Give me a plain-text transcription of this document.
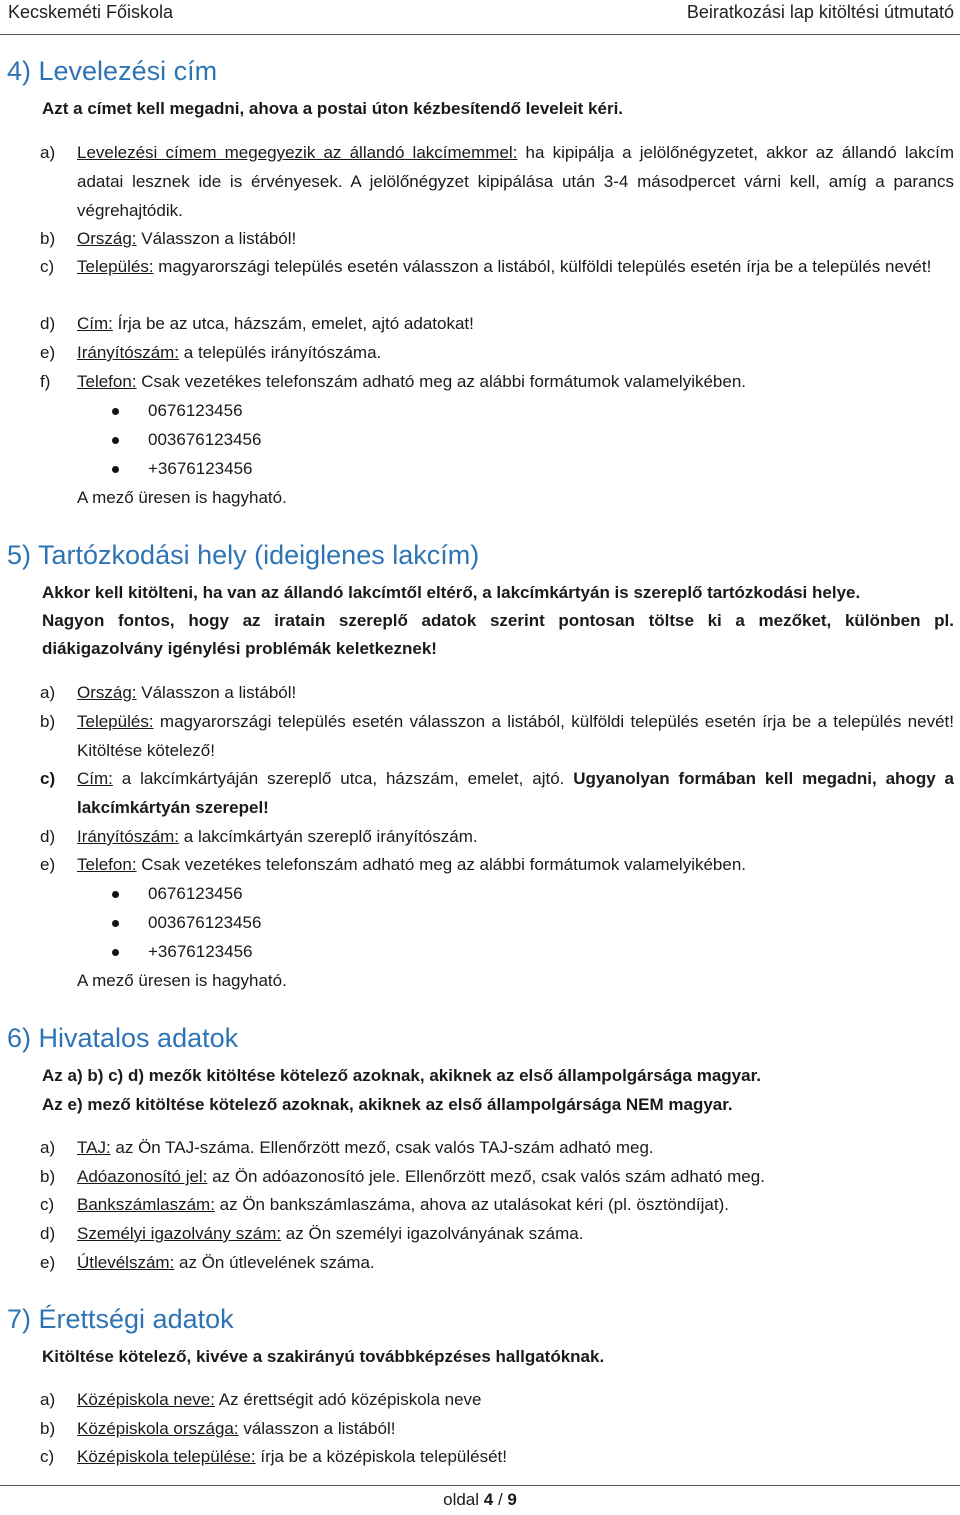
Kecskeméti Főiskola	Beiratkozási lap kitöltési útmutató
4) Levelezési cím
Azt a címet kell megadni, ahova a postai úton kézbesítendő leveleit kéri.
a) Levelezési címem megegyezik az állandó lakcímemmel: ha kipipálja a jelölőnégyzetet, akkor az állandó lakcím adatai lesznek ide is érvényesek. A jelölőnégyzet kipipálása után 3-4 másodpercet várni kell, amíg a parancs végrehajtódik.
b) Ország: Válasszon a listából!
c) Település: magyarországi település esetén válasszon a listából, külföldi település esetén írja be a település nevét!
d) Cím: Írja be az utca, házszám, emelet, ajtó adatokat!
e) Irányítószám: a település irányítószáma.
f) Telefon: Csak vezetékes telefonszám adható meg az alábbi formátumok valamelyikében.
0676123456
003676123456
+3676123456
A mező üresen is hagyható.
5) Tartózkodási hely (ideiglenes lakcím)
Akkor kell kitölteni, ha van az állandó lakcímtől eltérő, a lakcímkártyán is szereplő tartózkodási helye.
Nagyon fontos, hogy az iratain szereplő adatok szerint pontosan töltse ki a mezőket, különben pl.
diákigazolvány igénylési problémák keletkeznek!
a) Ország: Válasszon a listából!
b) Település: magyarországi település esetén válasszon a listából, külföldi település esetén írja be a település nevét! Kitöltése kötelező!
c) Cím: a lakcímkártyáján szereplő utca, házszám, emelet, ajtó. Ugyanolyan formában kell megadni, ahogy a lakcímkártyán szerepel!
d) Irányítószám: a lakcímkártyán szereplő irányítószám.
e) Telefon: Csak vezetékes telefonszám adható meg az alábbi formátumok valamelyikében.
0676123456
003676123456
+3676123456
A mező üresen is hagyható.
6) Hivatalos adatok
Az a) b) c) d) mezők kitöltése kötelező azoknak, akiknek az első állampolgársága magyar.
Az e) mező kitöltése kötelező azoknak, akiknek az első állampolgársága NEM magyar.
a) TAJ: az Ön TAJ-száma. Ellenőrzött mező, csak valós TAJ-szám adható meg.
b) Adóazonosító jel: az Ön adóazonosító jele. Ellenőrzött mező, csak valós szám adható meg.
c) Bankszámlaszám: az Ön bankszámlaszáma, ahova az utalásokat kéri (pl. ösztöndíjat).
d) Személyi igazolvány szám: az Ön személyi igazolványának száma.
e) Útlevélszám: az Ön útlevelének száma.
7) Érettségi adatok
Kitöltése kötelező, kivéve a szakirányú továbbképzéses hallgatóknak.
a) Középiskola neve: Az érettségit adó középiskola neve
b) Középiskola országa: válasszon a listából!
c) Középiskola települése: írja be a középiskola települését!
oldal 4 / 9
